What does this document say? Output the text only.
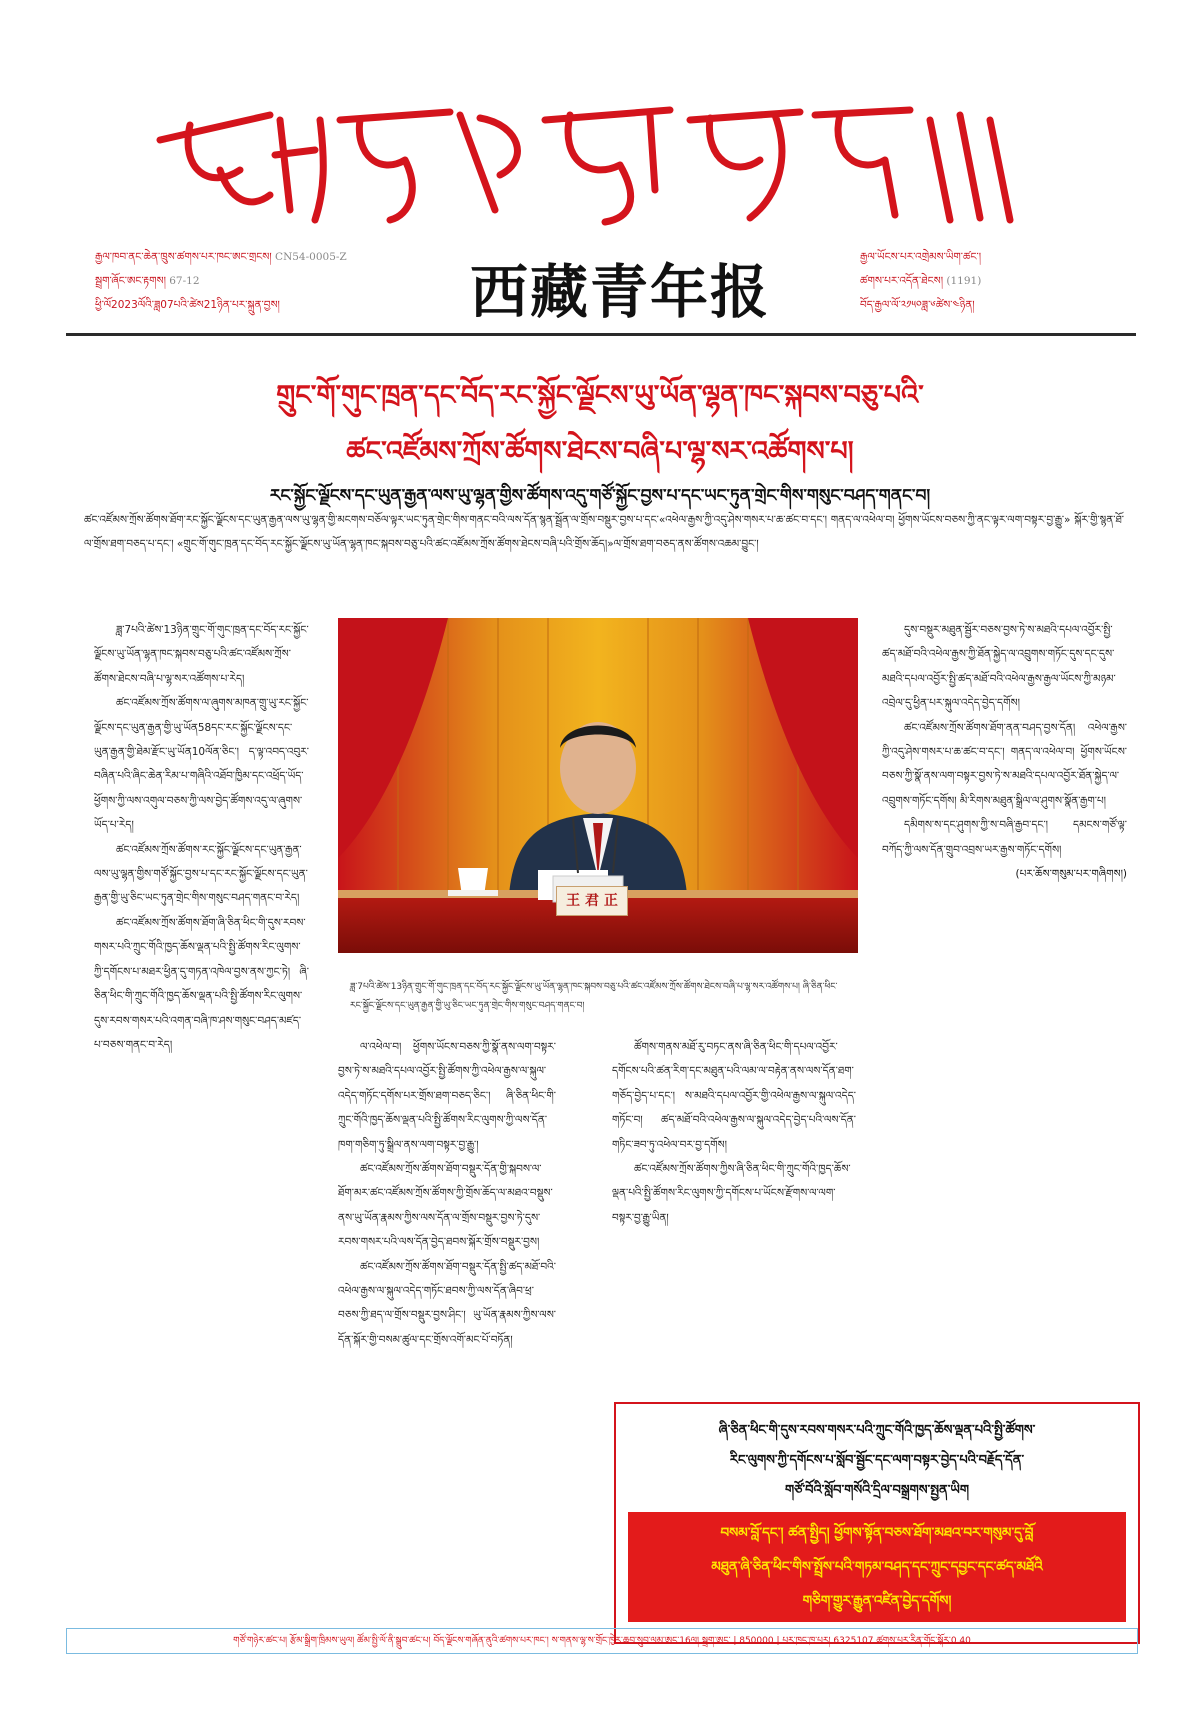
རྒྱལ་ཁབ་ནང་ཆེན་ཁྲུས་ཚགས་པར་ཁང་ཨང་གྲངས། CN54-0005-Z
སྦྲག་ཞོང་ཨང་རྟགས། 67-12
ཕྱི་ལོ2023ལོའི་ཟླ07པའི་ཚེས21ཉིན་པར་སྐྲུན་བྱས།	西藏青年报
རྒྱལ་ཡོངས་པར་འགྲེམས་ཡིག་ཚང་།
ཚགས་པར་འདོན་ཐེངས། (1191)
བོད་རྒྱལ་ལོ་༢༡༥༠ཟླ་༦ཚེས་༤ཉིན།
གྲུང་གོ་གུང་ཁྲན་དང་བོད་རང་སྐྱོང་ལྗོངས་ཡུ་ཡོན་ལྷན་ཁང་སྐབས་བཅུ་པའི་
ཚང་འཛོམས་ཀྲོས་ཚོགས་ཐེངས་བཞི་པ་ལྷ་སར་འཚོགས་པ།
རང་སྐྱོང་ལྗོངས་དང་ཡུན་རྒྱན་ལས་ཡུ་ལྷན་གྱིས་ཚོགས་འདུ་གཙོ་སྐྱོང་བྱས་པ་དང་ཡང་ཏུན་གྲེང་གིས་གསུང་བཤད་གནང་བ།
ཚང་འཛོམས་ཀྲོས་ཚོགས་ཐོག་རང་སྐྱོང་ལྗོངས་དང་ཡུན་རྒྱན་ལས་ཡུ་ལྷན་གྱི་མངགས་བཅོལ་ལྟར་ཡང་ཏུན་གྲེང་གིས་གནང་བའི་ལས་དོན་སྙན་སྦྲོན་ལ་གྲོས་བསྡུར་བྱས་པ་དང་«འཕེལ་རྒྱས་ཀྱི་འདུ་ཤེས་གསར་པ་ཆ་ཚང་བ་དང་། གནད་ལ་འཕེལ་བ། ཕྱོགས་ཡོངས་བཅས་ཀྱི་ནང་ལྟར་ལག་བསྟར་བྱ་རྒྱུ་» སྐོར་གྱི་སྙན་ཐོ་ལ་གྲོས་ཐག་བཅད་པ་དང་། «གྲུང་གོ་གུང་ཁྲན་དང་བོད་རང་སྐྱོང་ལྗོངས་ཡུ་ཡོན་ལྷན་ཁང་སྐབས་བཅུ་པའི་ཚང་འཛོམས་ཀྲོས་ཚོགས་ཐེངས་བཞི་པའི་གྲོས་ཆོད།»ལ་གྲོས་ཐག་བཅད་ནས་ཚོགས་འཆམ་བྱུང་།

ཟླ་7པའི་ཚེས་13ཉིན་གྲུང་གོ་གུང་ཁྲན་དང་བོད་རང་སྐྱོང་ལྗོངས་ཡུ་ཡོན་ལྷན་ཁང་སྐབས་བཅུ་པའི་ཚང་འཛོམས་ཀྲོས་ཚོགས་ཐེངས་བཞི་པ་ལྷ་སར་འཚོགས་པ་རེད།

ཚང་འཛོམས་ཀྲོས་ཚོགས་ལ་ཞུགས་མཁན་གྲུ་ཡུ་རང་སྐྱོང་ལྗོངས་དང་ཡུན་རྒྱན་གྱི་ཡུ་ཡོན58དང་རང་སྐྱོང་ལྗོངས་དང་ཡུན་རྒྱན་གྱི་ཐེམ་རྫོང་ཡུ་ཡོན10ལོན་ཅིང་། ད་ལྟ་འབད་འབུར་བཞིན་པའི་ཞིང་ཆེན་རིམ་པ་གཞིའི་འཐོབ་ཁྱིམ་དང་འཕྲོད་ཡོད་ཕྱོགས་ཀྱི་ལས་འགུལ་བཅས་ཀྱི་ལས་བྱེད་ཚོགས་འདུ་ལ་ཞུགས་ཡོད་པ་རེད།

ཚང་འཛོམས་ཀྲོས་ཚོགས་རང་སྐྱོང་ལྗོངས་དང་ཡུན་རྒྱན་ལས་ཡུ་ལྷན་གྱིས་གཙོ་སྐྱོང་བྱས་པ་དང་རང་སྐྱོང་ལྗོངས་དང་ཡུན་རྒྱན་གྱི་ཡུ་ཅིང་ཡང་ཏུན་གྲེང་གིས་གསུང་བཤད་གནང་བ་རེད།

ཚང་འཛོམས་ཀྲོས་ཚོགས་ཐོག་ཞི་ཅིན་ཕིང་གི་དུས་རབས་གསར་པའི་ཀྲུང་གོའི་ཁྱད་ཆོས་ལྡན་པའི་སྤྱི་ཚོགས་རིང་ལུགས་ཀྱི་དགོངས་པ་མཐར་ཕྱིན་དུ་གཏན་འཁེལ་བྱས་ནས་ཀྱང་ཏེ། ཞི་ཅིན་ཕིང་གི་ཀྲུང་གོའི་ཁྱད་ཆོས་ལྡན་པའི་སྤྱི་ཚོགས་རིང་ལུགས་དུས་རབས་གསར་པའི་འགན་བཞི་ཁ་ཤས་གསུང་བཤད་མཛད་པ་བཅས་གནང་བ་རེད།

王 君 正
ཟླ་7པའི་ཚེས་13ཉིན་གྲུང་གོ་གུང་ཁྲན་དང་བོད་རང་སྐྱོང་ལྗོངས་ཡུ་ཡོན་ལྷན་ཁང་སྐབས་བཅུ་པའི་ཚང་འཛོམས་ཀྲོས་ཚོགས་ཐེངས་བཞི་པ་ལྷ་སར་འཚོགས་པ། ཞི་ཅིན་ཕིང་རང་སྐྱོང་ལྗོངས་དང་ཡུན་རྒྱན་གྱི་ཡུ་ཅིང་ཡང་ཏུན་གྲེང་གིས་གསུང་བཤད་གནང་བ།

ལ་འཕེལ་བ། ཕྱོགས་ཡོངས་བཅས་ཀྱི་སྣོ་ནས་ལག་བསྟར་བྱས་ཏེ་ས་མཐའི་དཔལ་འབྱོར་སྤྱི་ཚོགས་ཀྱི་འཕེལ་རྒྱས་ལ་སྐུལ་འདེད་གཏོང་དགོས་པར་གྲོས་ཐག་བཅད་ཅིང་། ཞི་ཅིན་ཕིང་གི་ཀྲུང་གོའི་ཁྱད་ཆོས་ལྡན་པའི་སྤྱི་ཚོགས་རིང་ལུགས་ཀྱི་ལས་དོན་ཁག་གཅིག་ཏུ་སྒྲིལ་ནས་ལག་བསྟར་བྱ་རྒྱུ་།

ཚང་འཛོམས་ཀྲོས་ཚོགས་ཐོག་བསྡུར་དོན་གྱི་སྐབས་ལ་ཐོག་མར་ཚང་འཛོམས་ཀྲོས་ཚོགས་ཀྱི་གྲོས་ཆོད་ལ་མཐའ་བསྡུས་ནས་ཡུ་ཡོན་རྣམས་ཀྱིས་ལས་དོན་ལ་གྲོས་བསྡུར་བྱས་ཏེ་དུས་རབས་གསར་པའི་ལས་དོན་བྱེད་ཐབས་སྐོར་གྲོས་བསྡུར་བྱས།

ཚང་འཛོམས་ཀྲོས་ཚོགས་ཐོག་བསྡུར་དོན་སྤྱི་ཚད་མཐོ་བའི་འཕེལ་རྒྱས་ལ་སྐུལ་འདེད་གཏོང་ཐབས་ཀྱི་ལས་དོན་ཞིབ་ཕྲ་བཅས་ཀྱི་ཐད་ལ་གྲོས་བསྡུར་བྱས་ཤིང་། ཡུ་ཡོན་རྣམས་ཀྱིས་ལས་དོན་སྐོར་གྱི་བསམ་ཚུལ་དང་གྲོས་འགོ་མང་པོ་བཏོན།

ཚོགས་གནས་མཐོ་རུ་བཏང་ནས་ཞི་ཅིན་ཕིང་གི་དཔལ་འབྱོར་དགོངས་པའི་ཚན་རིག་དང་མཐུན་པའི་ལམ་ལ་བརྟེན་ནས་ལས་དོན་ཐག་གཅོད་བྱེད་པ་དང་། ས་མཐའི་དཔལ་འབྱོར་གྱི་འཕེལ་རྒྱས་ལ་སྐུལ་འདེད་གཏོང་བ། ཚད་མཐོ་བའི་འཕེལ་རྒྱས་ལ་སྐུལ་འདེད་བྱེད་པའི་ལས་དོན་གཏིང་ཟབ་ཏུ་འཕེལ་བར་བྱ་དགོས།

ཚང་འཛོམས་ཀྲོས་ཚོགས་ཀྱིས་ཞི་ཅིན་ཕིང་གི་ཀྲུང་གོའི་ཁྱད་ཆོས་ལྡན་པའི་སྤྱི་ཚོགས་རིང་ལུགས་ཀྱི་དགོངས་པ་ཡོངས་རྫོགས་ལ་ལག་བསྟར་བྱ་རྒྱུ་ཡིན།

དུས་བསྡུར་མཐུན་སྦྱོར་བཅས་བྱས་ཏེ་ས་མཐའི་དཔལ་འབྱོར་སྤྱི་ཚད་མཐོ་བའི་འཕེལ་རྒྱས་ཀྱི་ཐོན་སྐྱེད་ལ་འབྲུགས་གཏོང་དུས་དང་དུས་མཐའི་དཔལ་འབྱོར་སྤྱི་ཚད་མཐོ་བའི་འཕེལ་རྒྱས་རྒྱལ་ཡོངས་ཀྱི་མཉམ་འབྲེལ་དུ་ཕྱིན་པར་སྐུལ་འདེད་བྱེད་དགོས།

ཚང་འཛོམས་ཀྲོས་ཚོགས་ཐོག་ནན་བཤད་བྱས་དོན། འཕེལ་རྒྱས་ཀྱི་འདུ་ཤེས་གསར་པ་ཆ་ཚང་བ་དང་། གནད་ལ་འཕེལ་བ། ཕྱོགས་ཡོངས་བཅས་ཀྱི་སྣོ་ནས་ལག་བསྟར་བྱས་ཏེ་ས་མཐའི་དཔལ་འབྱོར་ཐོན་སྐྱེད་ལ་འབྲུགས་གཏོང་དགོས། མི་རིགས་མཐུན་སྒྲིལ་ལ་ཤུགས་སྣོན་རྒྱག་པ།

དམིགས་ས་དང་ཤུགས་ཀྱི་ས་བཞི་རྒྱབ་དང་། དམངས་གཙོ་ལྟ་བཀོད་ཀྱི་ལས་དོན་གྲུབ་འབྲས་ཡར་རྒྱས་གཏོང་དགོས།

(པར་ཆོས་གསུམ་པར་གཞིགས།)
ཞི་ཅིན་ཕིང་གི་དུས་རབས་གསར་པའི་ཀྲུང་གོའི་ཁྱད་ཆོས་ལྡན་པའི་སྤྱི་ཚོགས་
རིང་ལུགས་ཀྱི་དགོངས་པ་སློབ་སྦྱོང་དང་ལག་བསྟར་བྱེད་པའི་བརྗོད་དོན་
གཙོ་བོའི་སློབ་གསོའི་དྲིལ་བསྒྲགས་སྤྱན་ཡིག
བསམ་བློ་དང་། ཚན་སྤྱིད། ཕྱོགས་སྟོན་བཅས་ཐོག་མཐའ་བར་གསུམ་དུ་བློ
མཐུན་ཞི་ཅིན་ཕིང་གིས་སྤྲོས་པའི་གཏམ་བཤད་དང་ཀྲུང་དབྱང་དང་ཚད་མཐོའི
གཅིག་གྱུར་རྒྱུན་འཛིན་བྱེད་དགོས།
གཙོ་གཉེར་ཚང་པ། རྩོམ་སྒྲིག་ཁྲིམས་ཡུལ། ཚོམ་སྤྱི་ལོ་ནི་སྒྲུབ་ཚང་པ། བོད་ལྗོངས་གཞོན་ནུའི་ཚགས་པར་ཁང་། ས་གནས་ལྷ་ས་གྲོང་ཁྱེར་ཆབ་སྲུབ་ལམ་ཨང་16ལ། སྦྲག་ཨང་ | 850000 | པར་ཁང་ཁ་པར། 6325107 ཚགས་པར་རིན་གོང་སྒོར་0.40
